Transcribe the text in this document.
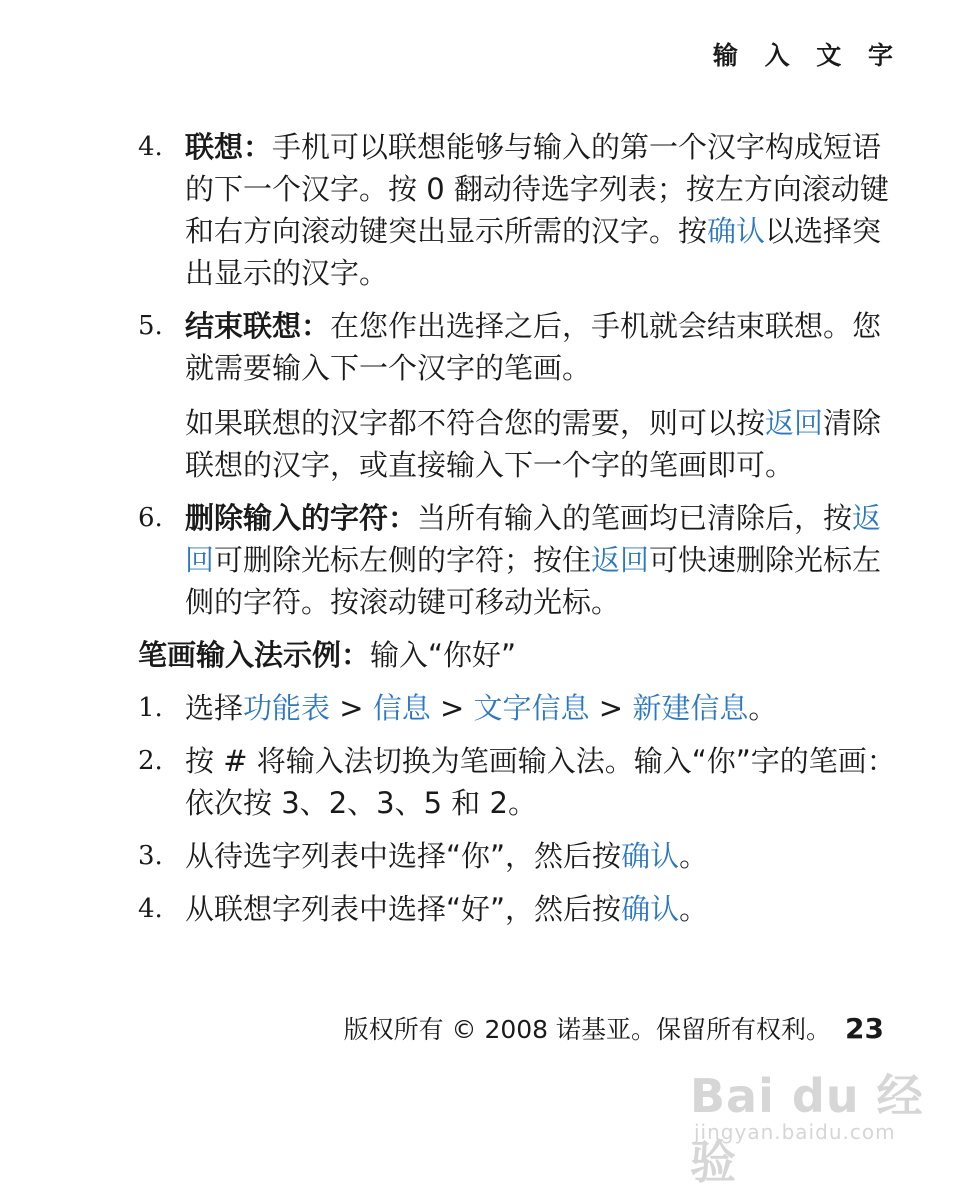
输 入 文 字
4. 联想：手机可以联想能够与输入的第一个汉字构成短语的下一个汉字。按 0 翻动待选字列表；按左方向滚动键和右方向滚动键突出显示所需的汉字。按确认以选择突出显示的汉字。
5. 结束联想：在您作出选择之后，手机就会结束联想。您就需要输入下一个汉字的笔画。
如果联想的汉字都不符合您的需要，则可以按返回清除联想的汉字，或直接输入下一个字的笔画即可。
6. 删除输入的字符：当所有输入的笔画均已清除后，按返回可删除光标左侧的字符；按住返回可快速删除光标左侧的字符。按滚动键可移动光标。
笔画输入法示例：输入“你好”
1. 选择功能表 > 信息 > 文字信息 > 新建信息。
2. 按 # 将输入法切换为笔画输入法。输入“你”字的笔画：依次按 3、2、3、5 和 2。
3. 从待选字列表中选择“你”，然后按确认。
4. 从联想字列表中选择“好”，然后按确认。
版权所有 © 2008 诺基亚。保留所有权利。 23
Bai du 经验
jingyan.baidu.com
